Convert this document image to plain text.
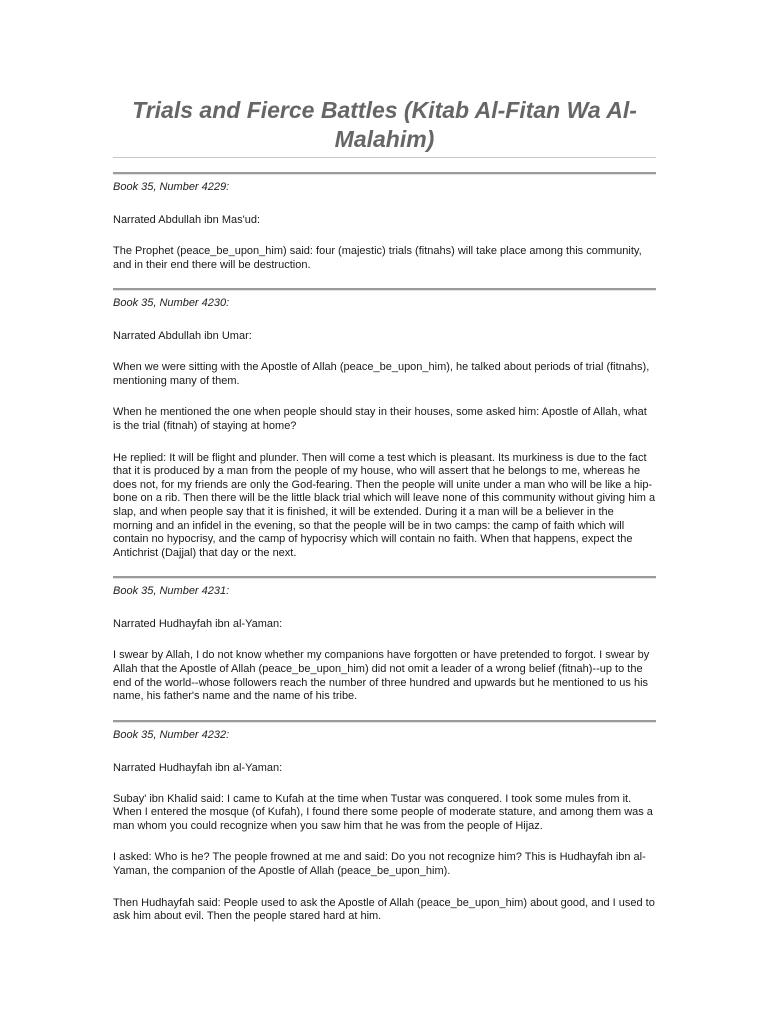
Trials and Fierce Battles (Kitab Al-Fitan Wa Al-Malahim)
Book 35, Number 4229:
Narrated Abdullah ibn Mas'ud:
The Prophet (peace_be_upon_him) said: four (majestic) trials (fitnahs) will take place among this community, and in their end there will be destruction.
Book 35, Number 4230:
Narrated Abdullah ibn Umar:
When we were sitting with the Apostle of Allah (peace_be_upon_him), he talked about periods of trial (fitnahs), mentioning many of them.
When he mentioned the one when people should stay in their houses, some asked him: Apostle of Allah, what is the trial (fitnah) of staying at home?
He replied: It will be flight and plunder. Then will come a test which is pleasant. Its murkiness is due to the fact that it is produced by a man from the people of my house, who will assert that he belongs to me, whereas he does not, for my friends are only the God-fearing. Then the people will unite under a man who will be like a hip-bone on a rib. Then there will be the little black trial which will leave none of this community without giving him a slap, and when people say that it is finished, it will be extended. During it a man will be a believer in the morning and an infidel in the evening, so that the people will be in two camps: the camp of faith which will contain no hypocrisy, and the camp of hypocrisy which will contain no faith. When that happens, expect the Antichrist (Dajjal) that day or the next.
Book 35, Number 4231:
Narrated Hudhayfah ibn al-Yaman:
I swear by Allah, I do not know whether my companions have forgotten or have pretended to forgot. I swear by Allah that the Apostle of Allah (peace_be_upon_him) did not omit a leader of a wrong belief (fitnah)--up to the end of the world--whose followers reach the number of three hundred and upwards but he mentioned to us his name, his father's name and the name of his tribe.
Book 35, Number 4232:
Narrated Hudhayfah ibn al-Yaman:
Subay' ibn Khalid said: I came to Kufah at the time when Tustar was conquered. I took some mules from it. When I entered the mosque (of Kufah), I found there some people of moderate stature, and among them was a man whom you could recognize when you saw him that he was from the people of Hijaz.
I asked: Who is he? The people frowned at me and said: Do you not recognize him? This is Hudhayfah ibn al-Yaman, the companion of the Apostle of Allah (peace_be_upon_him).
Then Hudhayfah said: People used to ask the Apostle of Allah (peace_be_upon_him) about good, and I used to ask him about evil. Then the people stared hard at him.
